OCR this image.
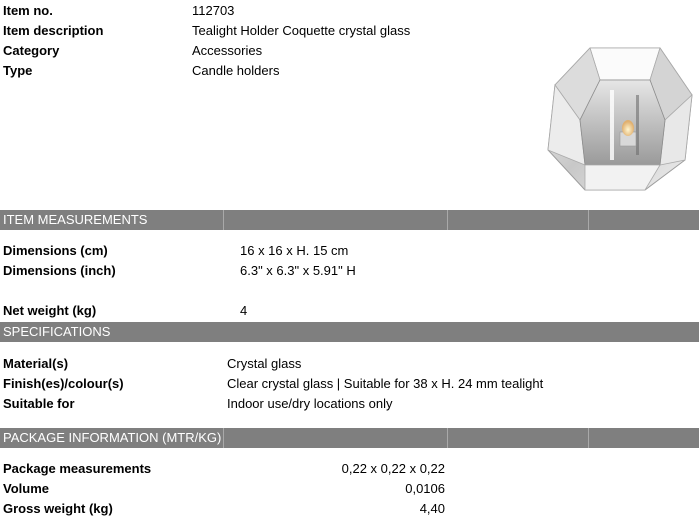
Item no.	112703
Item description	Tealight Holder Coquette crystal glass
Category	Accessories
Type	Candle holders
ITEM MEASUREMENTS
Dimensions (cm)	16 x 16 x H. 15 cm
Dimensions (inch)	6.3" x 6.3" x 5.91" H
Net weight (kg)	4
SPECIFICATIONS
Material(s)	Crystal glass
Finish(es)/colour(s)	Clear crystal glass | Suitable for 38 x H. 24 mm tealight
Suitable for	Indoor use/dry locations only
PACKAGE INFORMATION (MTR/KG)
Package measurements	0,22 x 0,22 x 0,22
Volume	0,0106
Gross weight (kg)	4,40
